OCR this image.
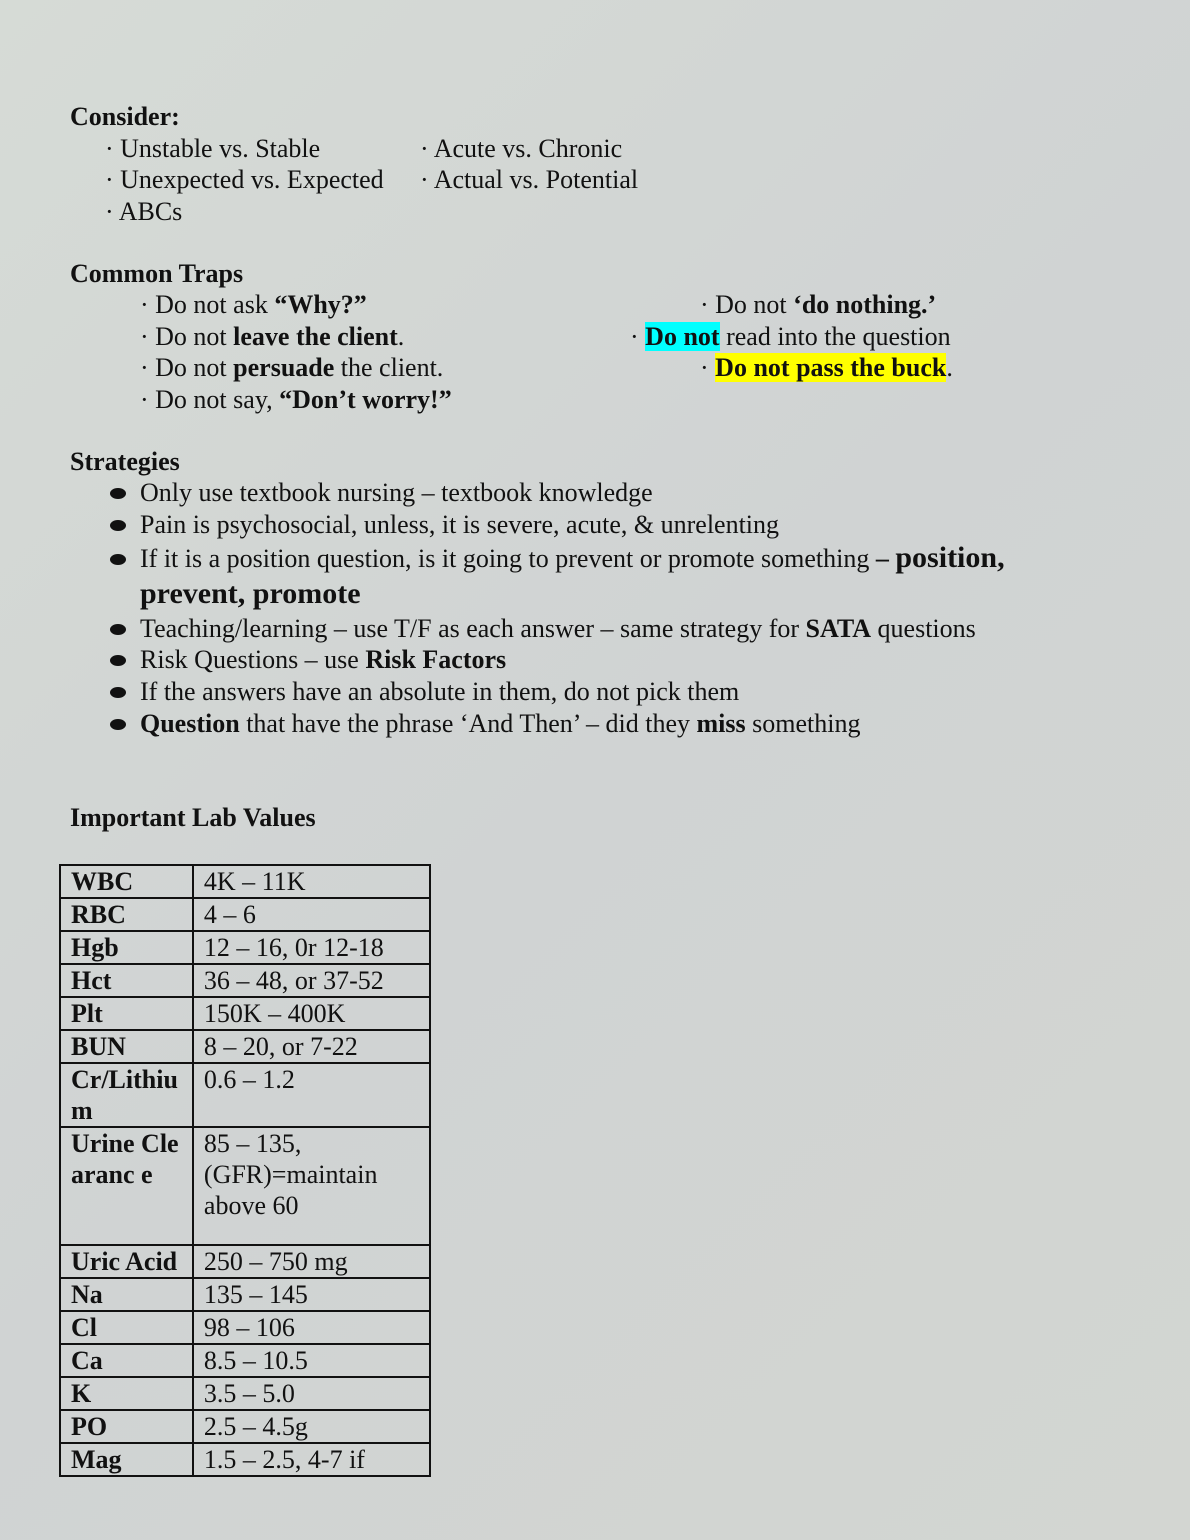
Consider:
· Unstable vs. Stable
· Unexpected vs. Expected
· ABCs
· Acute vs. Chronic
· Actual vs. Potential
Common Traps
· Do not ask “Why?”
· Do not leave the client.
· Do not persuade the client.
· Do not say, “Don’t worry!”
· Do not ‘do nothing.’
· Do not read into the question
· Do not pass the buck.
Strategies
Only use textbook nursing – textbook knowledge
Pain is psychosocial, unless, it is severe, acute, & unrelenting
If it is a position question, is it going to prevent or promote something – position,
prevent, promote
Teaching/learning – use T/F as each answer – same strategy for SATA questions
Risk Questions – use Risk Factors
If the answers have an absolute in them, do not pick them
Question that have the phrase ‘And Then’ – did they miss something
Important Lab Values
WBC	4K – 11K
RBC	4 – 6
Hgb	12 – 16, 0r 12-18
Hct	36 – 48, or 37-52
Plt	150K – 400K
BUN	8 – 20, or 7-22
Cr/Lithiu m	0.6 – 1.2
Urine Clearanc e	85 – 135, (GFR)=maintain above 60
Uric Acid	250 – 750 mg
Na	135 – 145
Cl	98 – 106
Ca	8.5 – 10.5
K	3.5 – 5.0
PO	2.5 – 4.5g
Mag	1.5 – 2.5, 4-7 if
